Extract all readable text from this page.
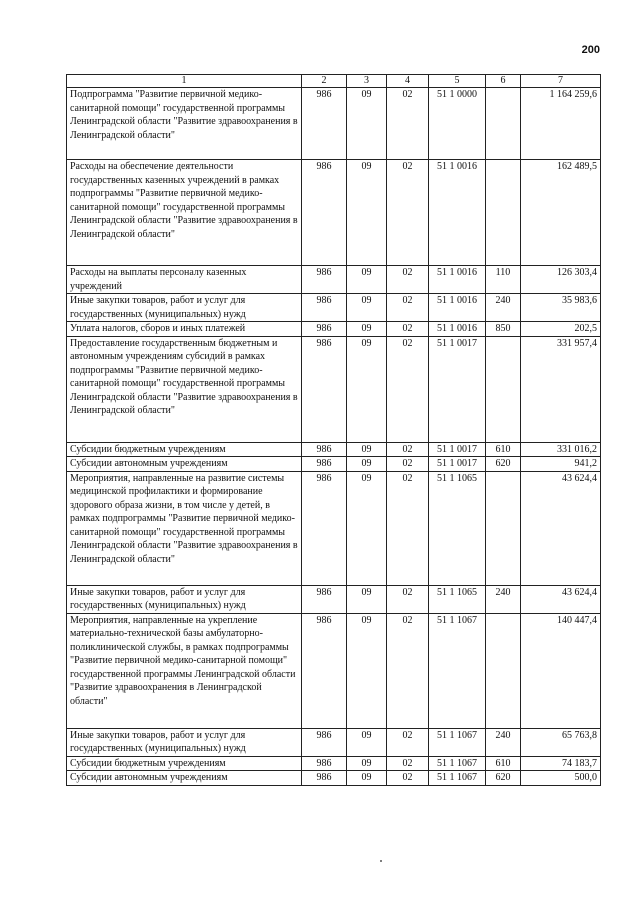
200
1	2	3	4	5	6	7
Подпрограмма "Развитие первичной медико-санитарной помощи" государственной программы Ленинградской области "Развитие здравоохранения в Ленинградской области"	986	09	02	51 1 0000		1 164 259,6
Расходы на обеспечение деятельности государственных казенных учреждений в рамках подпрограммы "Развитие первичной медико-санитарной помощи" государственной программы Ленинградской области "Развитие здравоохранения в Ленинградской области"	986	09	02	51 1 0016		162 489,5
Расходы на выплаты персоналу казенных учреждений	986	09	02	51 1 0016	110	126 303,4
Иные закупки товаров, работ и услуг для государственных (муниципальных) нужд	986	09	02	51 1 0016	240	35 983,6
Уплата налогов, сборов и иных платежей	986	09	02	51 1 0016	850	202,5
Предоставление государственным бюджетным и автономным учреждениям субсидий в рамках подпрограммы "Развитие первичной медико-санитарной помощи" государственной программы Ленинградской области "Развитие здравоохранения в Ленинградской области"	986	09	02	51 1 0017		331 957,4
Субсидии бюджетным учреждениям	986	09	02	51 1 0017	610	331 016,2
Субсидии автономным учреждениям	986	09	02	51 1 0017	620	941,2
Мероприятия, направленные на развитие системы медицинской профилактики и формирование здорового образа жизни, в том числе у детей, в рамках подпрограммы "Развитие первичной медико-санитарной помощи" государственной программы Ленинградской области "Развитие здравоохранения в Ленинградской области"	986	09	02	51 1 1065		43 624,4
Иные закупки товаров, работ и услуг для государственных (муниципальных) нужд	986	09	02	51 1 1065	240	43 624,4
Мероприятия, направленные на укрепление материально-технической базы амбулаторно-поликлинической службы, в рамках подпрограммы "Развитие первичной медико-санитарной помощи" государственной программы Ленинградской области "Развитие здравоохранения в Ленинградской области"	986	09	02	51 1 1067		140 447,4
Иные закупки товаров, работ и услуг для государственных (муниципальных) нужд	986	09	02	51 1 1067	240	65 763,8
Субсидии бюджетным учреждениям	986	09	02	51 1 1067	610	74 183,7
Субсидии автономным учреждениям	986	09	02	51 1 1067	620	500,0
